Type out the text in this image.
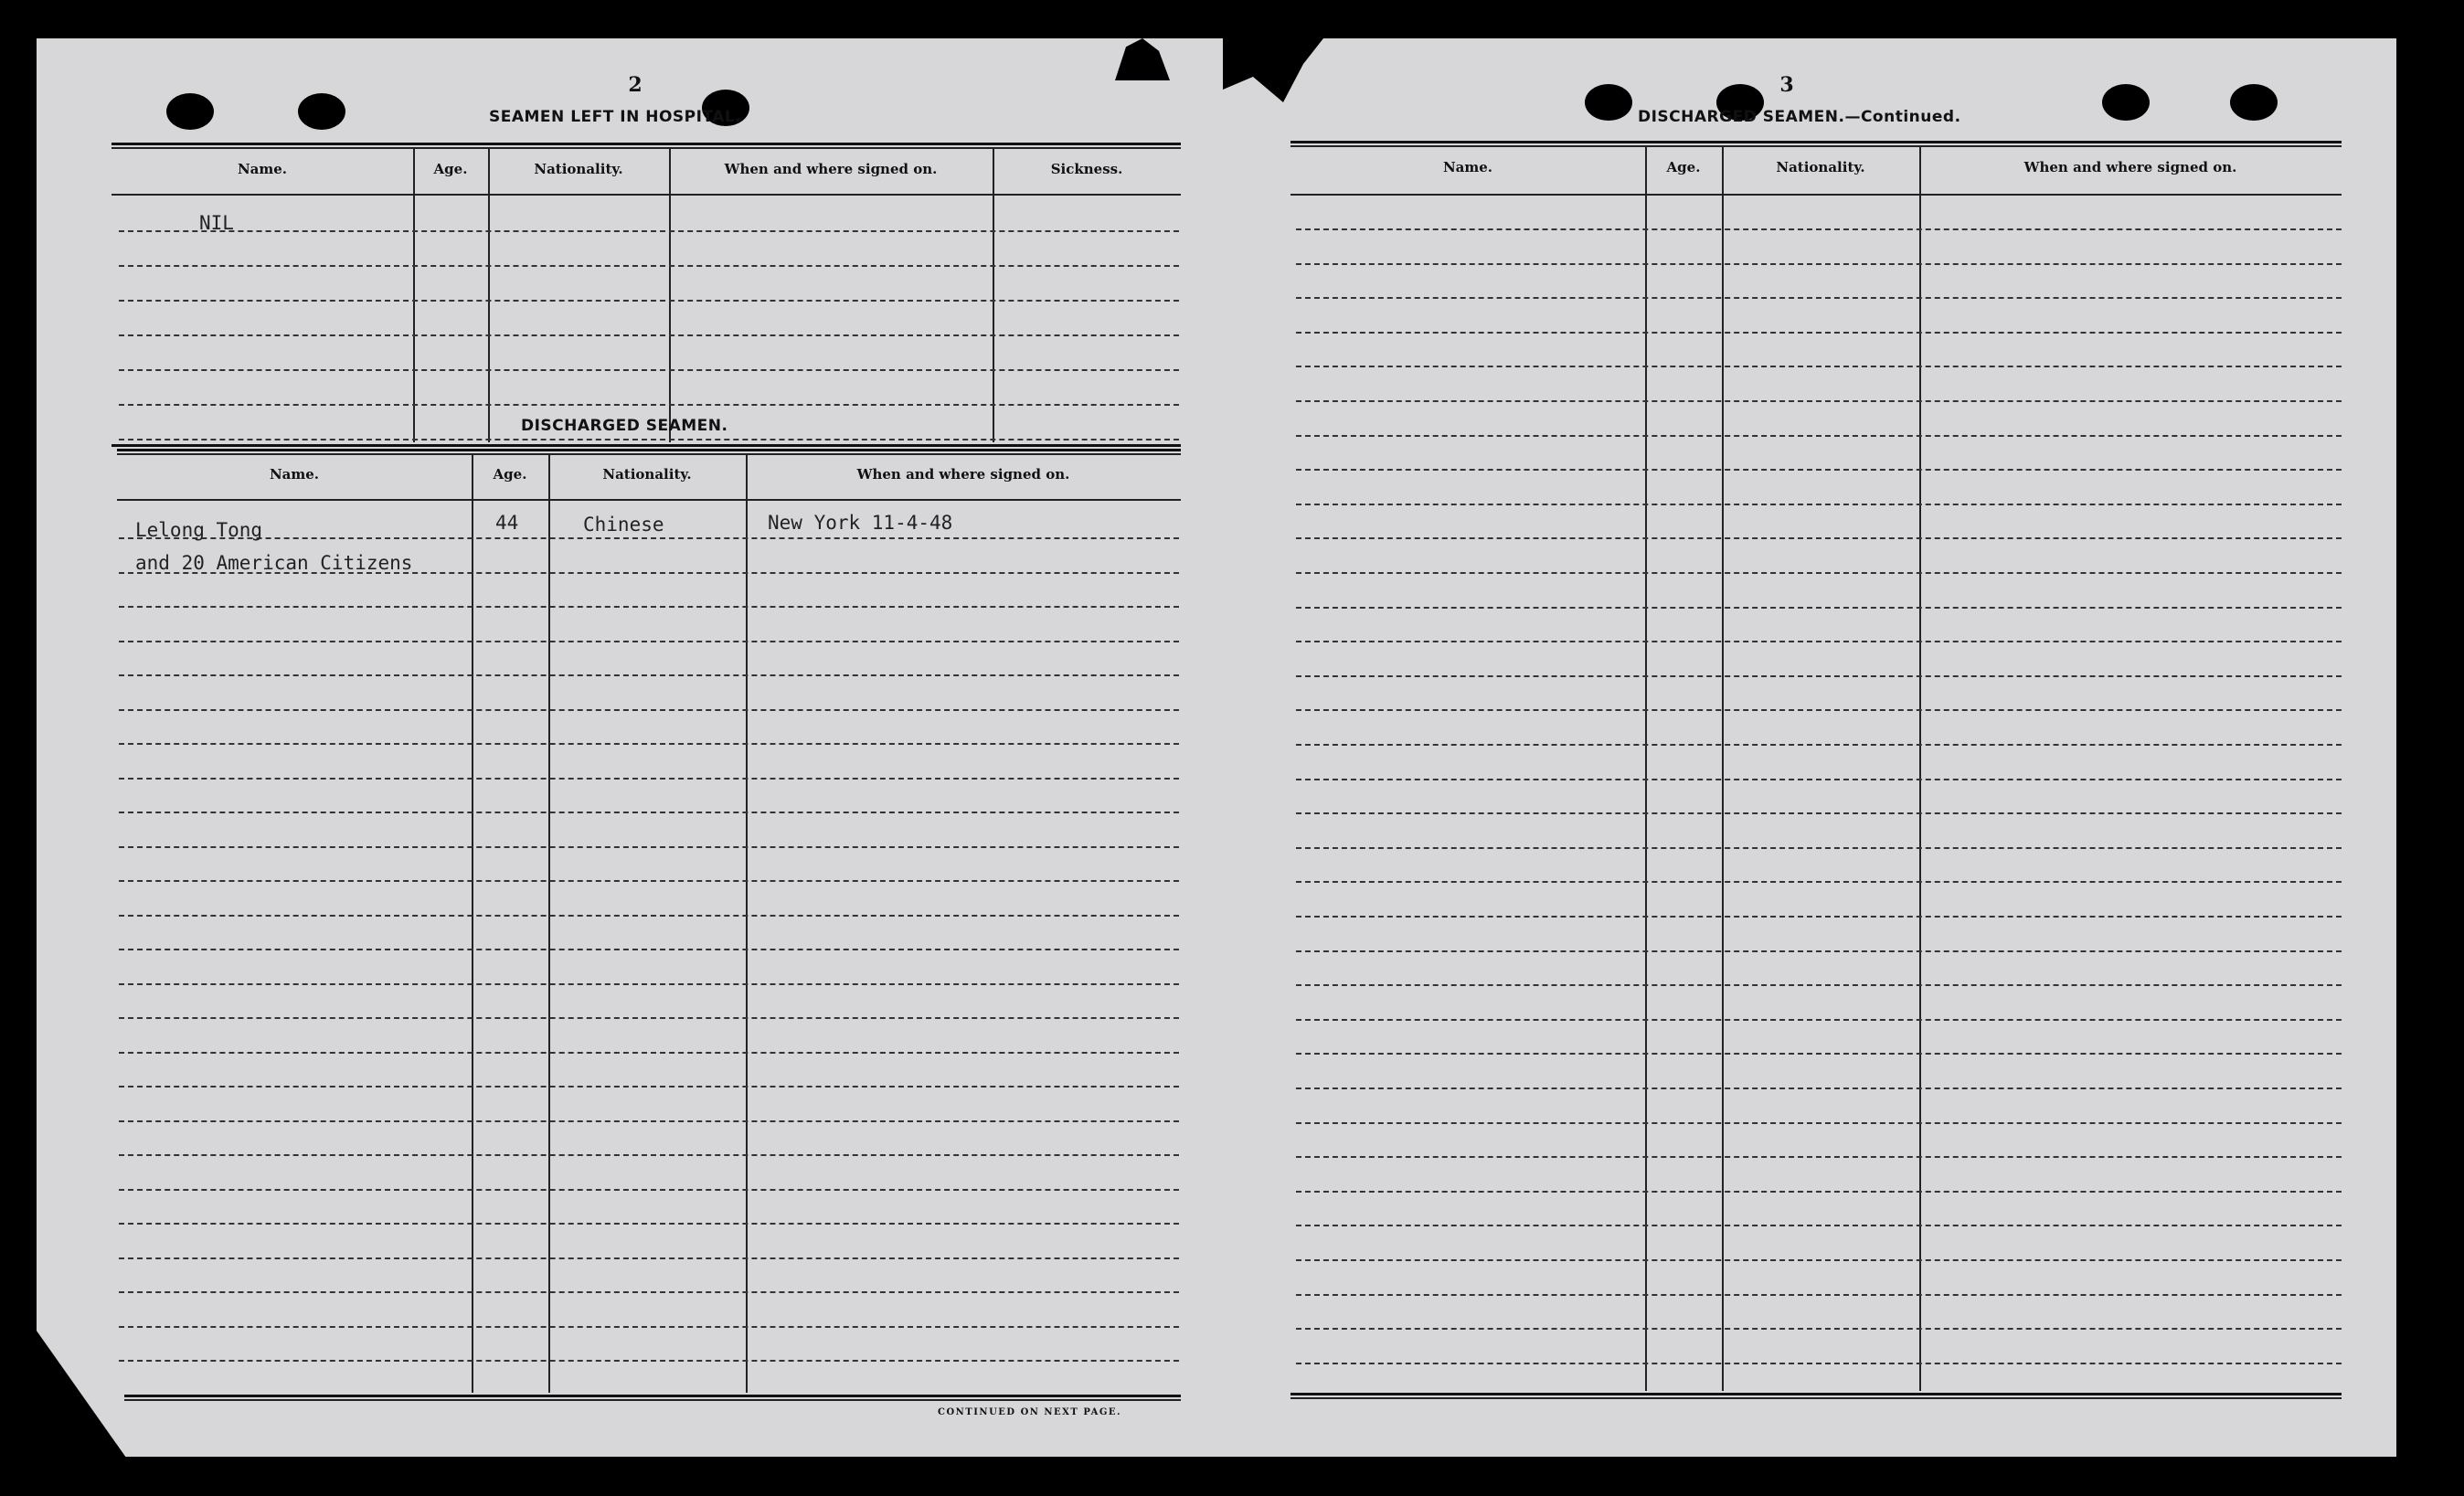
2
SEAMEN LEFT IN HOSPITAL.
Name.	Age.	Nationality.	When and where signed on.	Sickness.
NIL
DISCHARGED SEAMEN.
Name.	Age.	Nationality.	When and where signed on.
Lelong Tong	44	Chinese	New York 11-4-48
and 20 American Citizens
CONTINUED ON NEXT PAGE.
3
DISCHARGED SEAMEN.—Continued.
Name.	Age.	Nationality.	When and where signed on.
